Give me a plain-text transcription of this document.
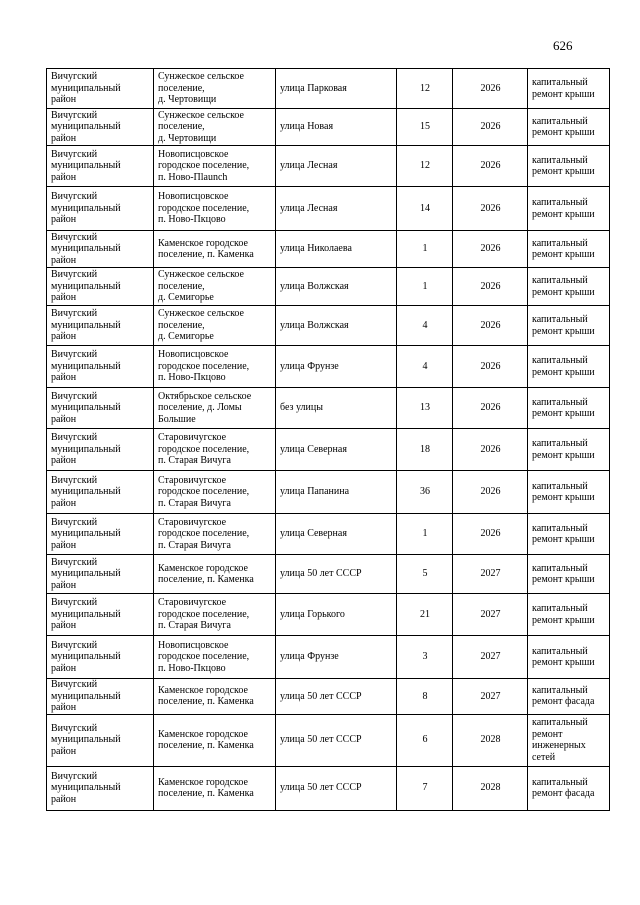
626
Вичугский
муниципальный
район	Сунжеское сельское
поселение,
д. Чертовищи	улица Парковая	12	2026	капитальный
ремонт крыши

Вичугский
муниципальный
район	Сунжеское сельское
поселение,
д. Чертовищи	улица Новая	15	2026	капитальный
ремонт крыши

Вичугский
муниципальный
район	Новописцовское
городское поселение,
п. Ново-Пlaunch	улица Лесная	12	2026	капитальный
ремонт крыши

Вичугский
муниципальный
район	Новописцовское
городское поселение,
п. Ново-Пкцово	улица Лесная	14	2026	капитальный
ремонт крыши

Вичугский
муниципальный
район	Каменское городское
поселение, п. Каменка	улица Николаева	1	2026	капитальный
ремонт крыши

Вичугский
муниципальный
район	Сунжеское сельское
поселение,
д. Семигорье	улица Волжская	1	2026	капитальный
ремонт крыши

Вичугский
муниципальный
район	Сунжеское сельское
поселение,
д. Семигорье	улица Волжская	4	2026	капитальный
ремонт крыши

Вичугский
муниципальный
район	Новописцовское
городское поселение,
п. Ново-Пкцово	улица Фрунзе	4	2026	капитальный
ремонт крыши

Вичугский
муниципальный
район	Октябрьское сельское
поселение, д. Ломы
Большие	без улицы	13	2026	капитальный
ремонт крыши

Вичугский
муниципальный
район	Старовичугское
городское поселение,
п. Старая Вичуга	улица Северная	18	2026	капитальный
ремонт крыши

Вичугский
муниципальный
район	Старовичугское
городское поселение,
п. Старая Вичуга	улица Папанина	36	2026	капитальный
ремонт крыши

Вичугский
муниципальный
район	Старовичугское
городское поселение,
п. Старая Вичуга	улица Северная	1	2026	капитальный
ремонт крыши

Вичугский
муниципальный
район	Каменское городское
поселение, п. Каменка	улица 50 лет СССР	5	2027	капитальный
ремонт крыши

Вичугский
муниципальный
район	Старовичугское
городское поселение,
п. Старая Вичуга	улица Горького	21	2027	капитальный
ремонт крыши

Вичугский
муниципальный
район	Новописцовское
городское поселение,
п. Ново-Пкцово	улица Фрунзе	3	2027	капитальный
ремонт крыши

Вичугский
муниципальный
район	Каменское городское
поселение, п. Каменка	улица 50 лет СССР	8	2027	капитальный
ремонт фасада

Вичугский
муниципальный
район	Каменское городское
поселение, п. Каменка	улица 50 лет СССР	6	2028	капитальный
ремонт
инженерных
сетей

Вичугский
муниципальный
район	Каменское городское
поселение, п. Каменка	улица 50 лет СССР	7	2028	капитальный
ремонт фасада
